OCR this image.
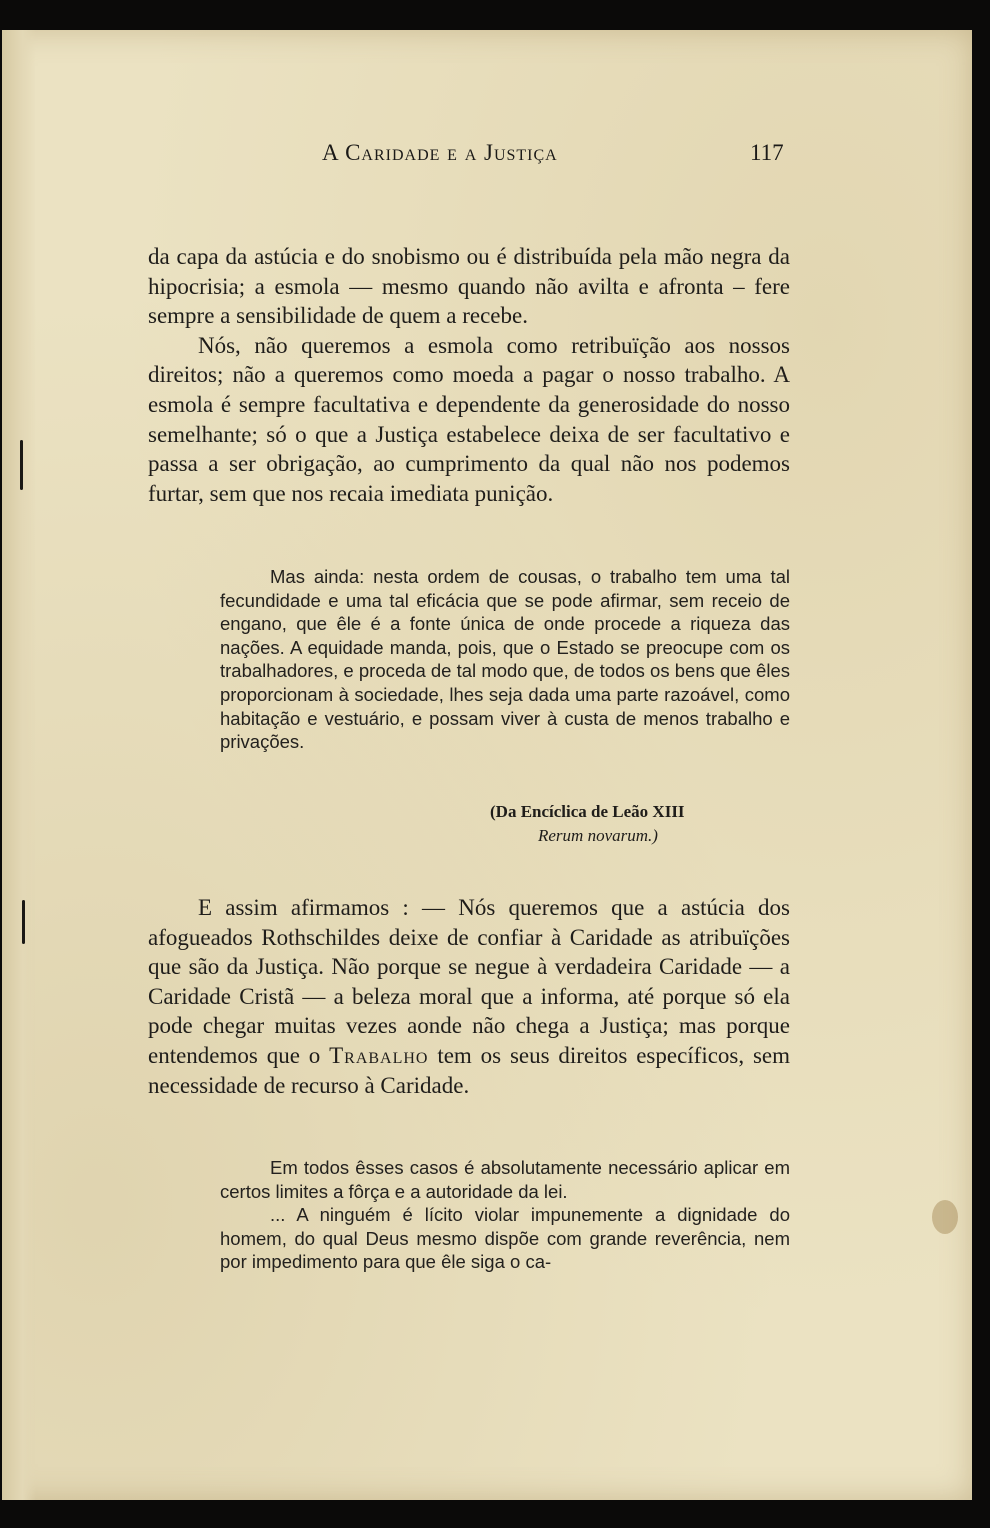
A Caridade e a Justiça	117

da capa da astúcia e do snobismo ou é distribuída pela mão negra da hipocrisia; a esmola — mesmo quando não avilta e afronta – fere sempre a sensibilidade de quem a recebe.

Nós, não queremos a esmola como retribuïção aos nossos direitos; não a queremos como moeda a pagar o nosso trabalho. A esmola é sempre facultativa e dependente da generosidade do nosso semelhante; só o que a Justiça estabelece deixa de ser facultativo e passa a ser obrigação, ao cumprimento da qual não nos podemos furtar, sem que nos recaia imediata punição.

Mas ainda: nesta ordem de cousas, o trabalho tem uma tal fecundidade e uma tal eficácia que se pode afirmar, sem receio de engano, que êle é a fonte única de onde procede a riqueza das nações. A equidade manda, pois, que o Estado se preocupe com os trabalhadores, e proceda de tal modo que, de todos os bens que êles proporcionam à sociedade, lhes seja dada uma parte razoável, como habitação e vestuário, e possam viver à custa de menos trabalho e privações.

(Da Encíclica de Leão XIII
Rerum novarum.)

E assim afirmamos : — Nós queremos que a astúcia dos afogueados Rothschildes deixe de confiar à Caridade as atribuïções que são da Justiça. Não porque se negue à verdadeira Caridade — a Caridade Cristã — a beleza moral que a informa, até porque só ela pode chegar muitas vezes aonde não chega a Justiça; mas porque entendemos que o Trabalho tem os seus direitos específicos, sem necessidade de recurso à Caridade.

Em todos êsses casos é absolutamente necessário aplicar em certos limites a fôrça e a autoridade da lei.

... A ninguém é lícito violar impunemente a dignidade do homem, do qual Deus mesmo dispõe com grande reverência, nem por impedimento para que êle siga o ca-
